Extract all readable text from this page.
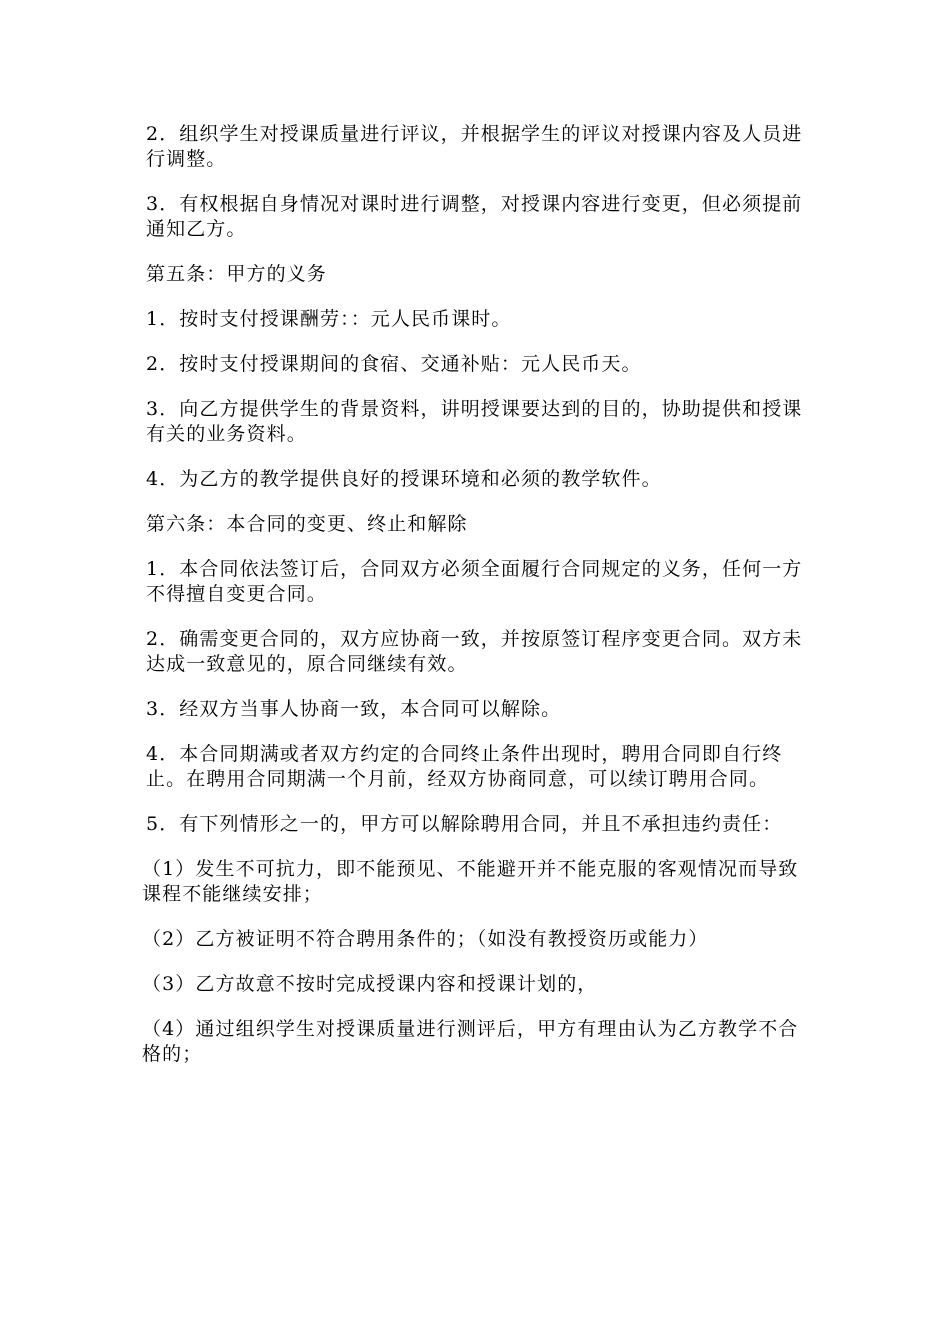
2．组织学生对授课质量进行评议，并根据学生的评议对授课内容及人员进行调整。

3．有权根据自身情况对课时进行调整，对授课内容进行变更，但必须提前通知乙方。

第五条：甲方的义务

1．按时支付授课酬劳：：元人民币课时。

2．按时支付授课期间的食宿、交通补贴：元人民币天。

3．向乙方提供学生的背景资料，讲明授课要达到的目的，协助提供和授课有关的业务资料。

4．为乙方的教学提供良好的授课环境和必须的教学软件。

第六条：本合同的变更、终止和解除

1．本合同依法签订后，合同双方必须全面履行合同规定的义务，任何一方不得擅自变更合同。

2．确需变更合同的，双方应协商一致，并按原签订程序变更合同。双方未达成一致意见的，原合同继续有效。

3．经双方当事人协商一致，本合同可以解除。

4．本合同期满或者双方约定的合同终止条件出现时，聘用合同即自行终止。在聘用合同期满一个月前，经双方协商同意，可以续订聘用合同。

5．有下列情形之一的，甲方可以解除聘用合同，并且不承担违约责任：

（1）发生不可抗力，即不能预见、不能避开并不能克服的客观情况而导致课程不能继续安排；

（2）乙方被证明不符合聘用条件的；（如没有教授资历或能力）

（3）乙方故意不按时完成授课内容和授课计划的，

（4）通过组织学生对授课质量进行测评后，甲方有理由认为乙方教学不合格的；
